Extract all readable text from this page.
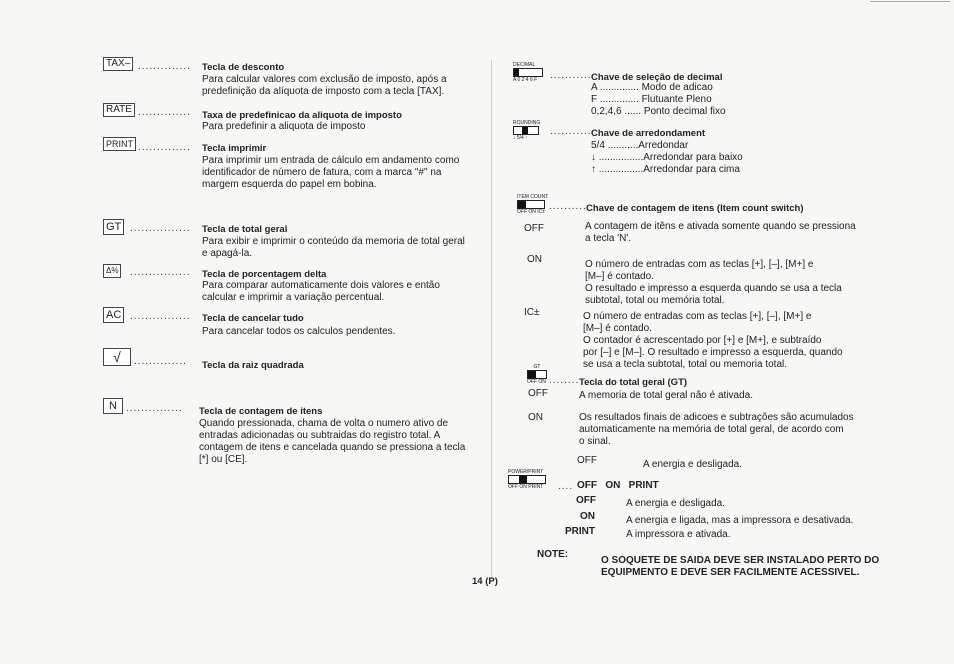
TAX– .............. Tecla de desconto
Para calcular valores com exclusão de imposto, após a
predefinição da alíquota de imposto com a tecla [TAX].
RATE .............. Taxa de predefinicao da aliquota de imposto
Para predefinir a aliquota de imposto
PRINT .............. Tecla imprimir
Para imprimir um entrada de cálculo em andamento como
identificador de número de fatura, com a marca "#" na
margem esquerda do papel em bobina.
GT ................ Tecla de total geral
Para exibir e imprimir o conteúdo da memoria de total geral
e apagá-la.
Δ%	................ Tecla de porcentagem delta
Para comparar automaticamente dois valores e então
calcular e imprimir a variação percentual.
AC ................ Tecla de cancelar tudo
Para cancelar todos os calculos pendentes.
√	.............. Tecla da raiz quadrada
N ............... Tecla de contagem de itens
Quando pressionada, chama de volta o numero ativo de
entradas adicionadas ou subtraidas do registro total. A
contagem de itens e cancelada quando se pressiona a tecla
[*] ou [CE].
DECIMAL
A 0 2 4 6 F	........... Chave de seleção de decimal
A .............. Modo de adicao
F .............. Flutuante Pleno
0,2,4,6 ...... Ponto decimal fixo
ROUNDING
↓ 5/4 ↑
........... Chave de arredondament
5/4 ...........Arredondar
↓ ................Arredondar para baixo
↑ ................Arredondar para cima
ITEM COUNT
OFF ON IC± .......... Chave de contagem de itens (Item count switch)
OFF	A contagem de itêns e ativada somente quando se pressiona
a tecla 'N'.
ON	O número de entradas com as teclas [+], [–], [M+] e
[M–] é contado.
O resultado e impresso a esquerda quando se usa a tecla
subtotal, total ou memória total.
IC±	O número de entradas com as teclas [+], [–], [M+] e
[M–] é contado.
O contador é acrescentado por [+] e [M+], e subtraído
por [–] e [M–]. O resultado e impresso a esquerda, quando
se usa a tecla subtotal, total ou memoria total.
GT
OFF ON ........ Tecla do total geral (GT)
OFF	A memoria de total geral não é ativada.
ON	Os resultados finais de adicoes e subtrações são acumulados
automaticamente na memória de total geral, de acordo com
o sinal.
OFF	A energia e desligada.
POWER/PRINT
OFF ON PRINT .... OFF   ON   PRINT
OFF	A energia e desligada.
ON	A energia e ligada, mas a impressora e desativada.
PRINT	A impressora e ativada.
NOTE:
O SOQUETE DE SAIDA DEVE SER INSTALADO PERTO DO
EQUIPMENTO E DEVE SER FACILMENTE ACESSIVEL.
14 (P)
